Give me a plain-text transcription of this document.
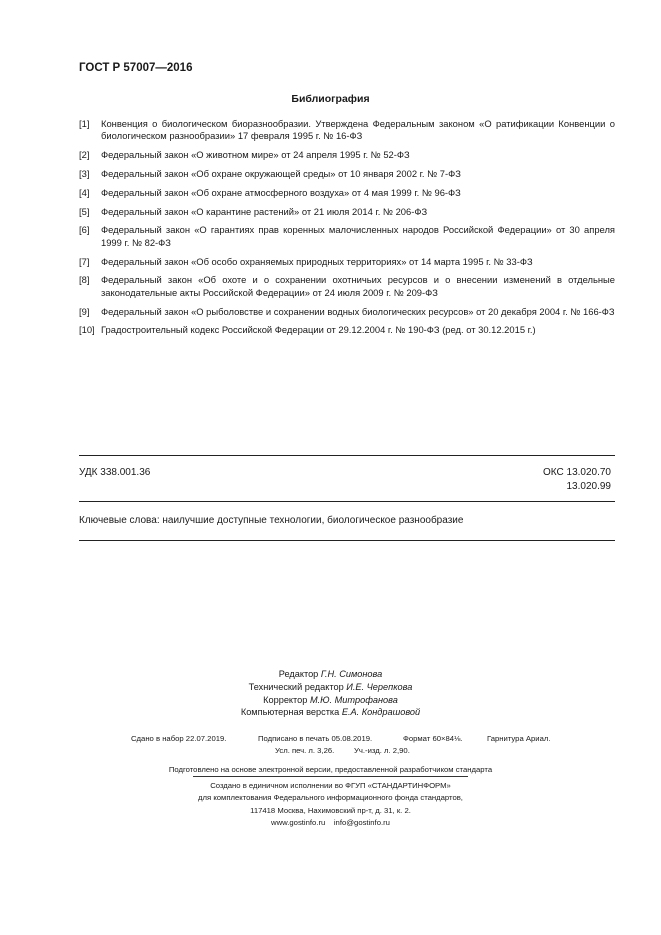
ГОСТ Р 57007—2016
Библиография
[1]	Конвенция о биологическом биоразнообразии. Утверждена Федеральным законом «О ратификации Конвенции о биологическом разнообразии» 17 февраля 1995 г. № 16-ФЗ
[2]	Федеральный закон «О животном мире» от 24 апреля 1995 г. № 52-ФЗ
[3]	Федеральный закон «Об охране окружающей среды» от 10 января 2002 г. № 7-ФЗ
[4]	Федеральный закон «Об охране атмосферного воздуха» от 4 мая 1999 г. № 96-ФЗ
[5]	Федеральный закон «О карантине растений» от 21 июля 2014 г. № 206-ФЗ
[6]	Федеральный закон «О гарантиях прав коренных малочисленных народов Российской Федерации» от 30 апреля 1999 г. № 82-ФЗ
[7]	Федеральный закон «Об особо охраняемых природных территориях» от 14 марта 1995 г. № 33-ФЗ
[8]	Федеральный закон «Об охоте и о сохранении охотничьих ресурсов и о внесении изменений в отдельные законодательные акты Российской Федерации» от 24 июля 2009 г. № 209-ФЗ
[9]	Федеральный закон «О рыболовстве и сохранении водных биологических ресурсов» от 20 декабря 2004 г. № 166-ФЗ
[10] Градостроительный кодекс Российской Федерации от 29.12.2004 г. № 190-ФЗ (ред. от 30.12.2015 г.)
УДК 338.001.36	ОКС 13.020.70
13.020.99
Ключевые слова: наилучшие доступные технологии, биологическое разнообразие
Редактор Г.Н. Симонова
Технический редактор И.Е. Черепкова
Корректор М.Ю. Митрофанова
Компьютерная верстка Е.А. Кондрашовой
Сдано в набор 22.07.2019.	Подписано в печать 05.08.2019.	Формат 60×84⅛.	Гарнитура Ариал.
Усл. печ. л. 3,26.	Уч.-изд. л. 2,90.
Подготовлено на основе электронной версии, предоставленной разработчиком стандарта
Создано в единичном исполнении во ФГУП «СТАНДАРТИНФОРМ»
для комплектования Федерального информационного фонда стандартов,
117418 Москва, Нахимовский пр-т, д. 31, к. 2.
www.gostinfo.ru info@gostinfo.ru
